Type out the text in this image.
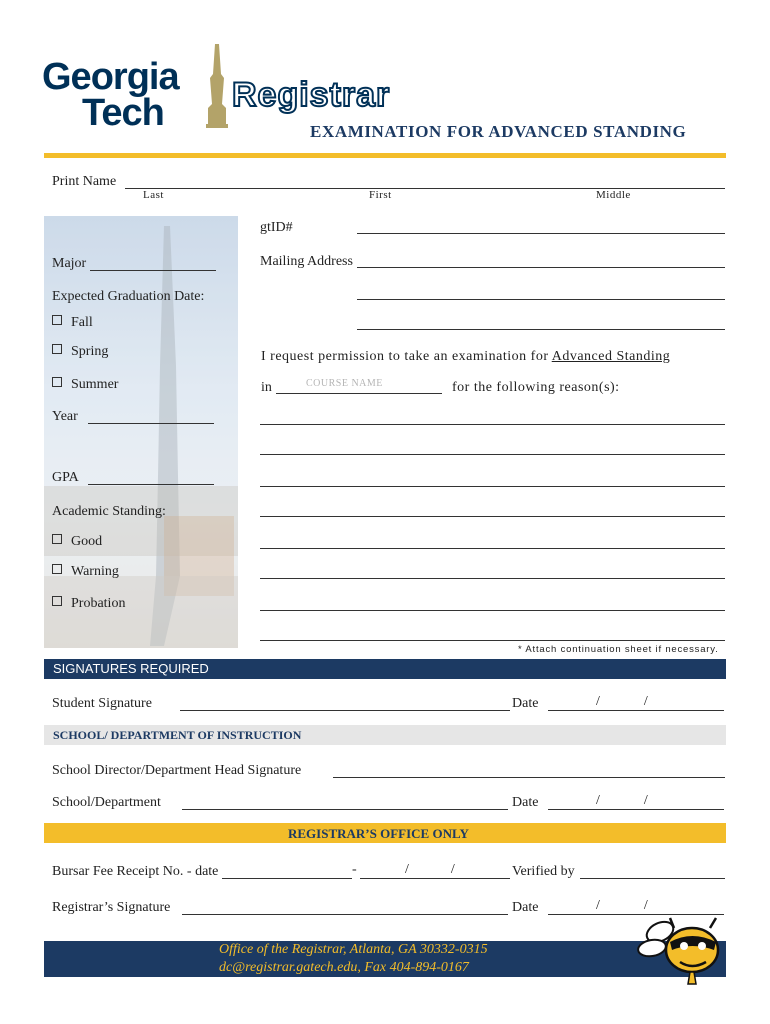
Georgia
Tech Registrar
EXAMINATION FOR ADVANCED STANDING
Print Name
Last	First	Middle
Major
Expected Graduation Date:
Fall
Spring
Summer
Year
GPA
Academic Standing:
Good
Warning
Probation
gtID#
Mailing Address
I request permission to take an examination for Advanced Standing
in	COURSE NAME	for the following reason(s):
* Attach continuation sheet if necessary.
SIGNATURES REQUIRED
Student Signature	Date	/	/
SCHOOL/ DEPARTMENT OF INSTRUCTION
School Director/Department Head Signature
School/Department	Date	/	/
REGISTRAR’S OFFICE ONLY
Bursar Fee Receipt No. - date	-	/	/	Verified by
Registrar’s Signature	Date	/	/
Office of the Registrar, Atlanta, GA 30332-0315
dc@registrar.gatech.edu, Fax 404-894-0167
